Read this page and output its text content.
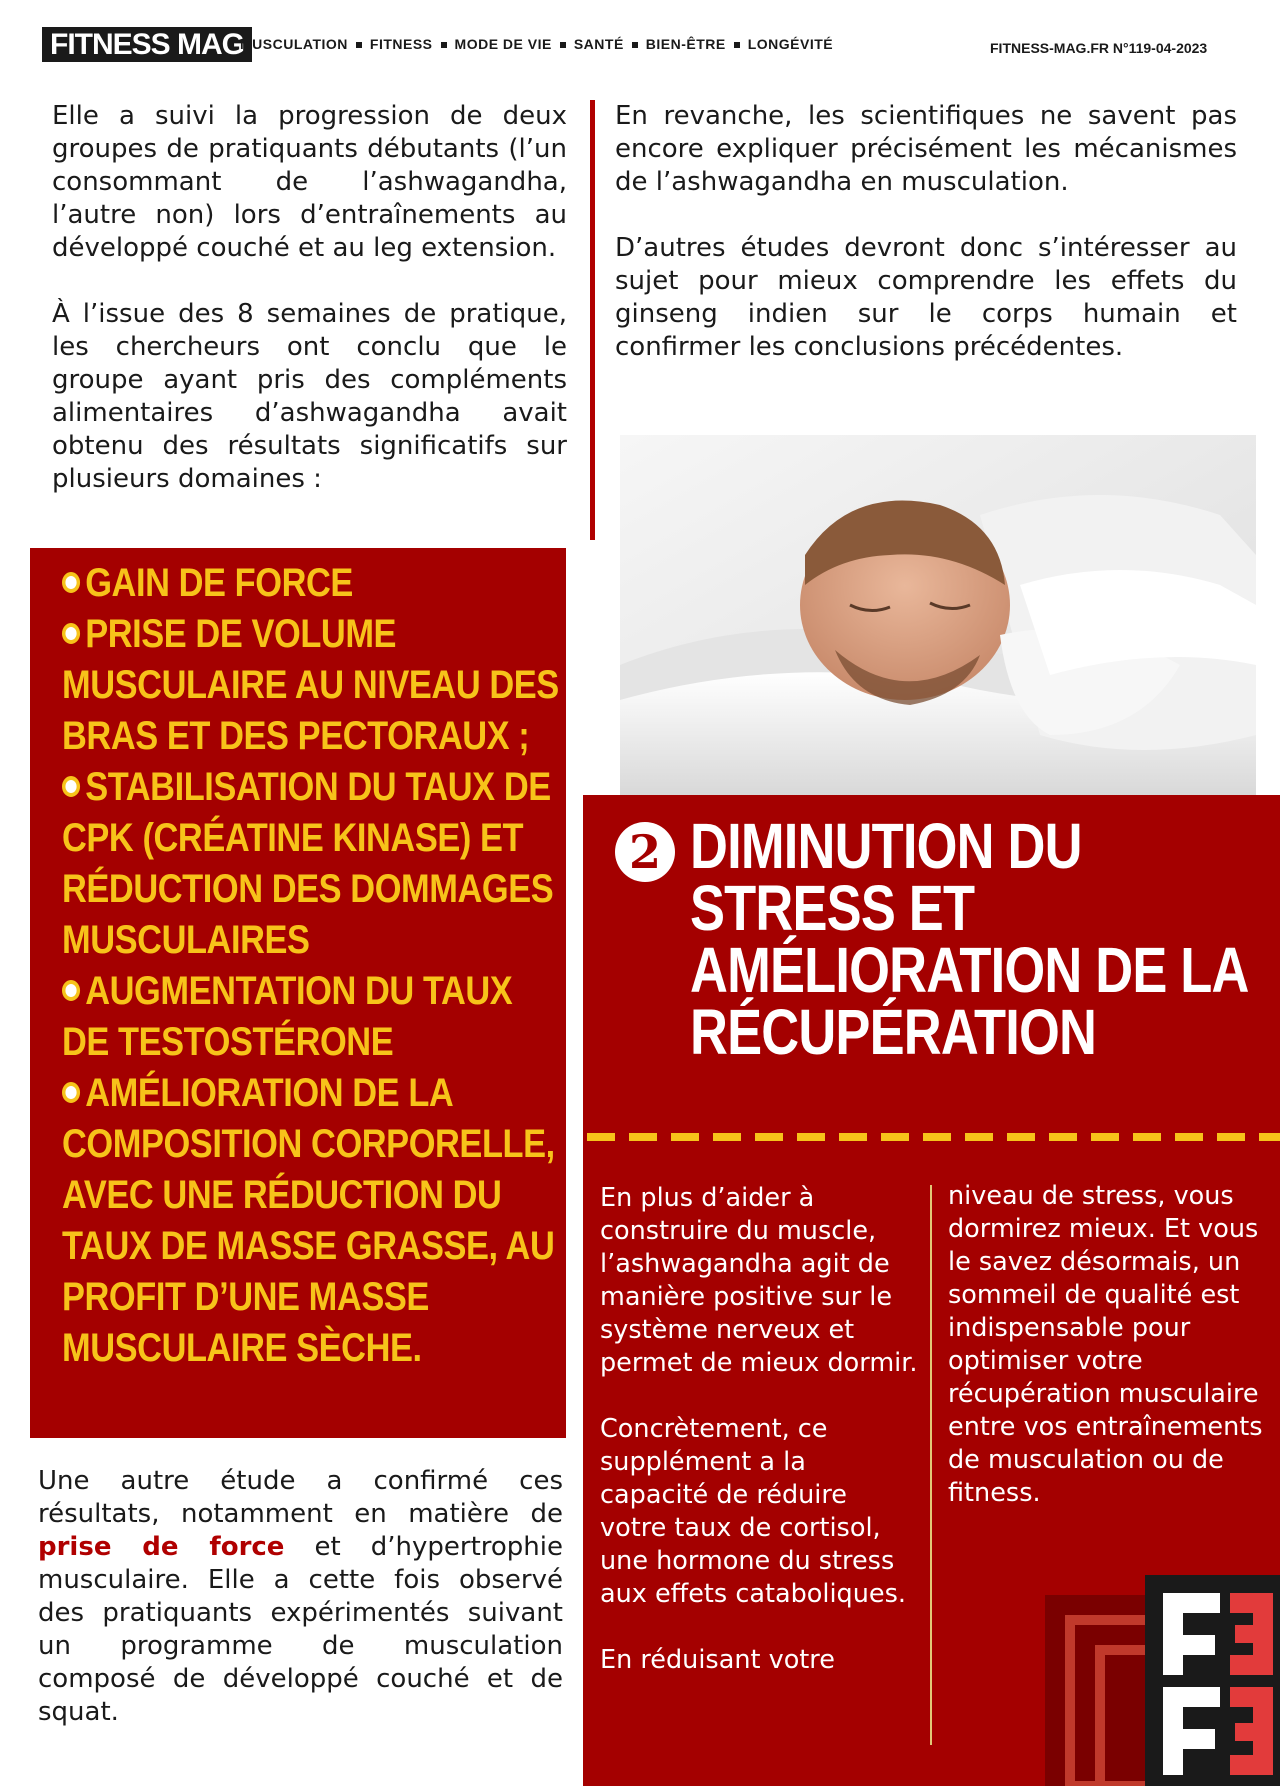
FITNESS MAG
MUSCULATION FITNESS MODE DE VIE SANTÉ BIEN-ÊTRE LONGÉVITÉ	FITNESS-MAG.FR N°119-04-2023

Elle a suivi la progression de deux groupes de pratiquants débutants (l’un consommant de l’ashwagandha, l’autre non) lors d’entraînements au développé couché et au leg extension.

À l’issue des 8 semaines de pratique, les chercheurs ont conclu que le groupe ayant pris des compléments alimentaires d’ashwagandha avait obtenu des résultats significatifs sur plusieurs domaines :

En revanche, les scientifiques ne savent pas encore expliquer précisément les mécanismes de l’ashwagandha en musculation.

D’autres études devront donc s’intéresser au sujet pour mieux comprendre les effets du ginseng indien sur le corps humain et confirmer les conclusions précédentes.

GAIN DE FORCE
PRISE DE VOLUME MUSCULAIRE AU NIVEAU DES BRAS ET DES PECTORAUX ;
STABILISATION DU TAUX DE CPK (CRÉATINE KINASE) ET RÉDUCTION DES DOMMAGES MUSCULAIRES
AUGMENTATION DU TAUX DE TESTOSTÉRONE
AMÉLIORATION DE LA COMPOSITION CORPORELLE, AVEC UNE RÉDUCTION DU TAUX DE MASSE GRASSE, AU PROFIT D’UNE MASSE MUSCULAIRE SÈCHE.

Une autre étude a confirmé ces résultats, notamment en matière de prise de force et d’hypertrophie musculaire. Elle a cette fois observé des pratiquants expérimentés suivant un programme de musculation composé de développé couché et de squat.

2 DIMINUTION DU STRESS ET AMÉLIORATION DE LA RÉCUPÉRATION

En plus d’aider à construire du muscle, l’ashwagandha agit de manière positive sur le système nerveux et permet de mieux dormir.

Concrètement, ce supplément a la capacité de réduire votre taux de cortisol, une hormone du stress aux effets cataboliques.

En réduisant votre

niveau de stress, vous dormirez mieux. Et vous le savez désormais, un sommeil de qualité est indispensable pour optimiser votre récupération musculaire entre vos entraînements de musculation ou de fitness.
